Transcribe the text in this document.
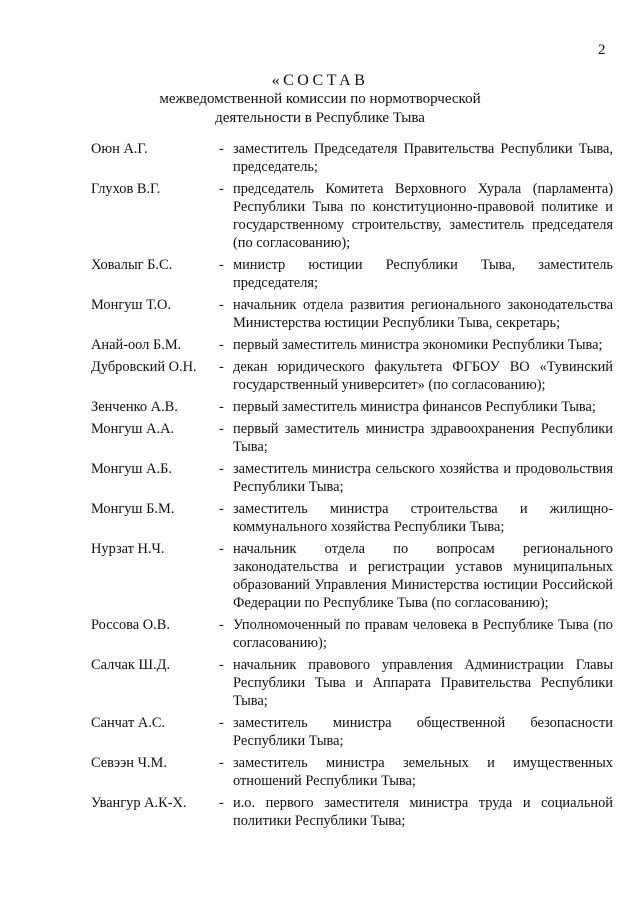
2
«СОСТАВ
межведомственной комиссии по нормотворческой
деятельности в Республике Тыва
Оюн А.Г.	- заместитель Председателя Правительства Республики Тыва, председатель;
Глухов В.Г.	- председатель Комитета Верховного Хурала (парламента) Республики Тыва по конституционно-правовой политике и государственному строительству, заместитель председателя (по согласованию);
Ховалыг Б.С.	- министр юстиции Республики Тыва, заместитель председателя;
Монгуш Т.О.	- начальник отдела развития регионального законодательства Министерства юстиции Республики Тыва, секретарь;
Анай-оол Б.М.	- первый заместитель министра экономики Республики Тыва;
Дубровский О.Н.	- декан юридического факультета ФГБОУ ВО «Тувинский государственный университет» (по согласованию);
Зенченко А.В.	- первый заместитель министра финансов Республики Тыва;
Монгуш А.А.	- первый заместитель министра здравоохранения Республики Тыва;
Монгуш А.Б.	- заместитель министра сельского хозяйства и продовольствия Республики Тыва;
Монгуш Б.М.	- заместитель министра строительства и жилищно-коммунального хозяйства Республики Тыва;
Нурзат Н.Ч.	- начальник отдела по вопросам регионального законодательства и регистрации уставов муниципальных образований Управления Министерства юстиции Российской Федерации по Республике Тыва (по согласованию);
Россова О.В.	- Уполномоченный по правам человека в Республике Тыва (по согласованию);
Салчак Ш.Д.	- начальник правового управления Администрации Главы Республики Тыва и Аппарата Правительства Республики Тыва;
Санчат А.С.	- заместитель министра общественной безопасности Республики Тыва;
Севээн Ч.М.	- заместитель министра земельных и имущественных отношений Республики Тыва;
Увангур А.К-Х.	- и.о. первого заместителя министра труда и социальной политики Республики Тыва;
